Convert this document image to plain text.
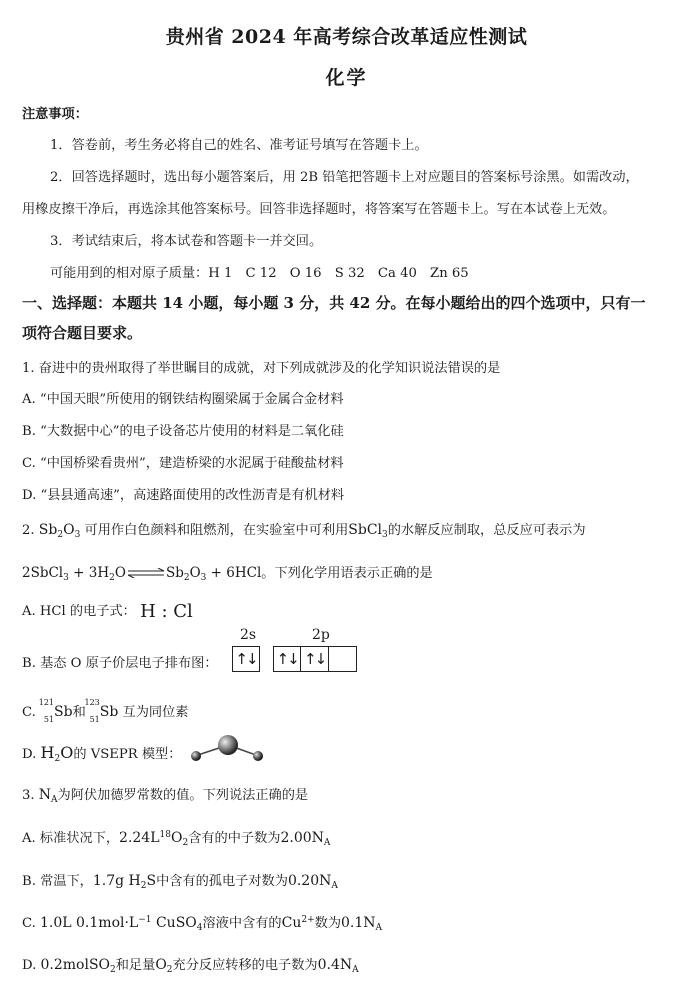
贵州省 2024 年高考综合改革适应性测试
化学
注意事项：
1．答卷前，考生务必将自己的姓名、准考证号填写在答题卡上。
2．回答选择题时，选出每小题答案后，用 2B 铅笔把答题卡上对应题目的答案标号涂黑。如需改动，
用橡皮擦干净后，再选涂其他答案标号。回答非选择题时，将答案写在答题卡上。写在本试卷上无效。
3．考试结束后，将本试卷和答题卡一并交回。
可能用到的相对原子质量：H 1　C 12　O 16　S 32　Ca 40　Zn 65
一、选择题：本题共 14 小题，每小题 3 分，共 42 分。在每小题给出的四个选项中，只有一
项符合题目要求。
1. 奋进中的贵州取得了举世瞩目的成就，对下列成就涉及的化学知识说法错误的是
A. “中国天眼”所使用的钢铁结构圈梁属于金属合金材料
B. “大数据中心”的电子设备芯片使用的材料是二氧化硅
C. “中国桥梁看贵州”，建造桥梁的水泥属于硅酸盐材料
D. “县县通高速”，高速路面使用的改性沥青是有机材料
2. $Sb_2O_3$ 可用作白色颜料和阻燃剂，在实验室中可利用SbCl$_3$的水解反应制取，总反应可表示为
2SbCl$_3$ + $3H_2O\rightleftharpoons Sb_2O_3 + 6HCl$。下列化学用语表示正确的是
A. HCl 的电子式： H : Cl
2s	2p
B. 基态 O 原子价层电子排布图： ↑↓
↑↓ ↑↓
C.
121
51 Sb和
123
51 Sb 互为同位素
D. $H_2O$的 VSEPR 模型：
3. $N_A$为阿伏加德罗常数的值。下列说法正确的是
A. 标准状况下，$2.24L^{18}O_2$含有的中子数为$2.00N_A$
B. 常温下，1.7g $H_2S$中含有的孤电子对数为$0.20N_A$
C. 1.0L $0.1mol\cdot L^{-1}$ CuSO$_4$溶液中含有的$Cu^{2+}$数为$0.1N_A$
D. 0.2molSO$_2$和足量$O_2$充分反应转移的电子数为$0.4N_A$
